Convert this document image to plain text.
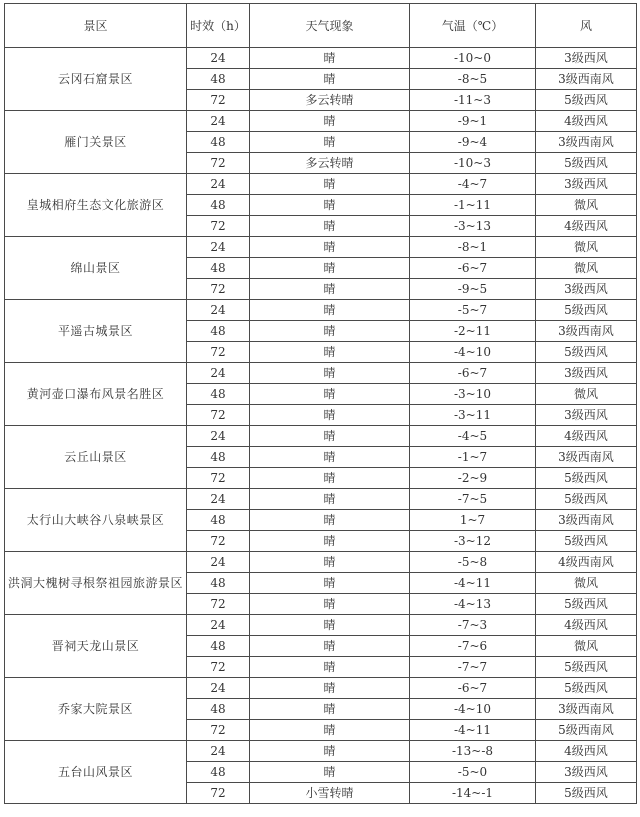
景区	时效（h）	天气现象	气温（℃）	风
云冈石窟景区	24	晴	-10~0	3级西风
	48	晴	-8~5	3级西南风
	72	多云转晴	-11~3	5级西风
雁门关景区	24	晴	-9~1	4级西风
	48	晴	-9~4	3级西南风
	72	多云转晴	-10~3	5级西风
皇城相府生态文化旅游区	24	晴	-4~7	3级西风
	48	晴	-1~11	微风
	72	晴	-3~13	4级西风
绵山景区	24	晴	-8~1	微风
	48	晴	-6~7	微风
	72	晴	-9~5	3级西风
平遥古城景区	24	晴	-5~7	5级西风
	48	晴	-2~11	3级西南风
	72	晴	-4~10	5级西风
黄河壶口瀑布风景名胜区	24	晴	-6~7	3级西风
	48	晴	-3~10	微风
	72	晴	-3~11	3级西风
云丘山景区	24	晴	-4~5	4级西风
	48	晴	-1~7	3级西南风
	72	晴	-2~9	5级西风
太行山大峡谷八泉峡景区	24	晴	-7~5	5级西风
	48	晴	1~7	3级西南风
	72	晴	-3~12	5级西风
洪洞大槐树寻根祭祖园旅游景区	24	晴	-5~8	4级西南风
	48	晴	-4~11	微风
	72	晴	-4~13	5级西风
晋祠天龙山景区	24	晴	-7~3	4级西风
	48	晴	-7~6	微风
	72	晴	-7~7	5级西风
乔家大院景区	24	晴	-6~7	5级西风
	48	晴	-4~10	3级西南风
	72	晴	-4~11	5级西南风
五台山风景区	24	晴	-13~-8	4级西风
	48	晴	-5~0	3级西风
	72	小雪转晴	-14~-1	5级西风
